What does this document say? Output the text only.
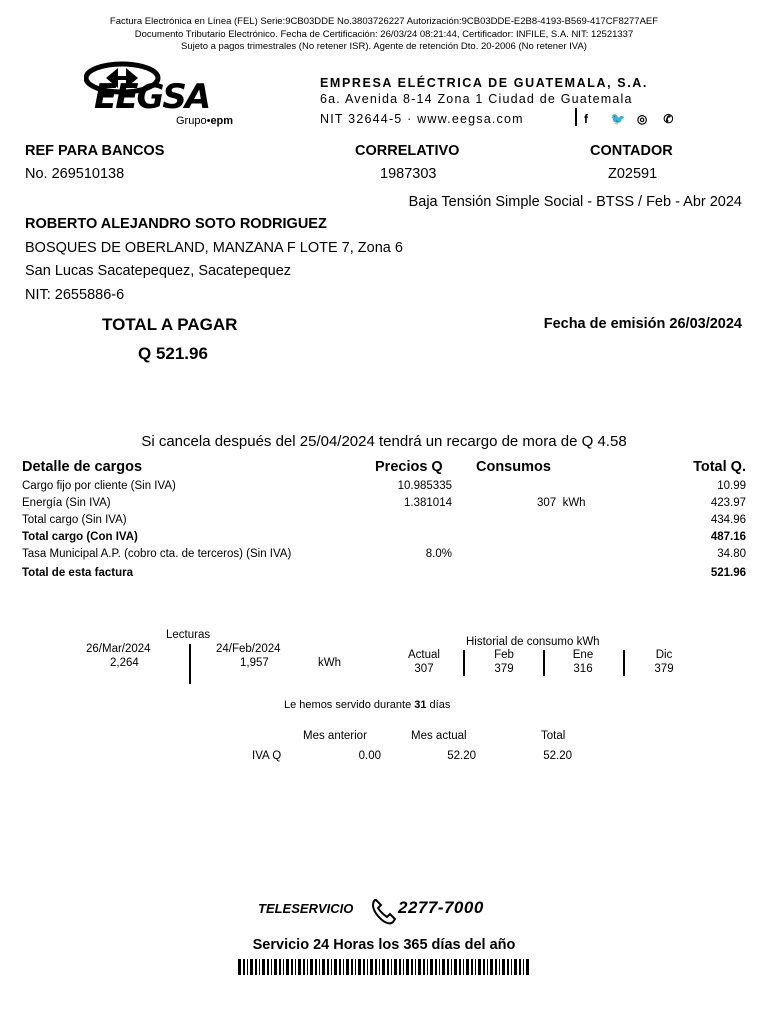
Factura Electrónica en Línea (FEL) Serie:9CB03DDE No.3803726227 Autorización:9CB03DDE-E2B8-4193-B569-417CF8277AEF
Documento Tributario Electrónico. Fecha de Certificación: 26/03/24 08:21:44, Certificador: INFILE, S.A. NIT: 12521337
Sujeto a pagos trimestrales (No retener ISR). Agente de retención Dto. 20-2006 (No retener IVA)
EEGSA
Grupo•epm
EMPRESA ELÉCTRICA DE GUATEMALA, S.A.
6a. Avenida 8-14 Zona 1 Ciudad de Guatemala
NIT 32644-5 · www.eegsa.com	f 🐦 ◎ ✆
REF PARA BANCOS
No. 269510138
CORRELATIVO
1987303
CONTADOR
Z02591
Baja Tensión Simple Social - BTSS / Feb - Abr 2024
ROBERTO ALEJANDRO SOTO RODRIGUEZ
BOSQUES DE OBERLAND, MANZANA F LOTE 7, Zona 6
San Lucas Sacatepequez, Sacatepequez
NIT: 2655886-6
TOTAL A PAGAR
Q 521.96
Fecha de emisión 26/03/2024
Si cancela después del 25/04/2024 tendrá un recargo de mora de Q 4.58
Detalle de cargos	Precios Q Consumos	Total Q.
Cargo fijo por cliente (Sin IVA)	10.985335	10.99
Energía (Sin IVA)	1.381014	307  kWh	423.97
Total cargo (Sin IVA)	434.96
Total cargo (Con IVA)	487.16
Tasa Municipal A.P. (cobro cta. de terceros) (Sin IVA)	8.0%	34.80
Total de esta factura	521.96
Lecturas
26/Mar/2024
2,264
24/Feb/2024
1,957	kWh
Historial de consumo kWh
Actual
307
Feb
379
Ene
316
Dic
379
Le hemos servido durante 31 días
Mes anterior	Mes actual	Total
IVA Q	0.00	52.20	52.20
TELESERVICIO	2277-7000
Servicio 24 Horas los 365 días del año
